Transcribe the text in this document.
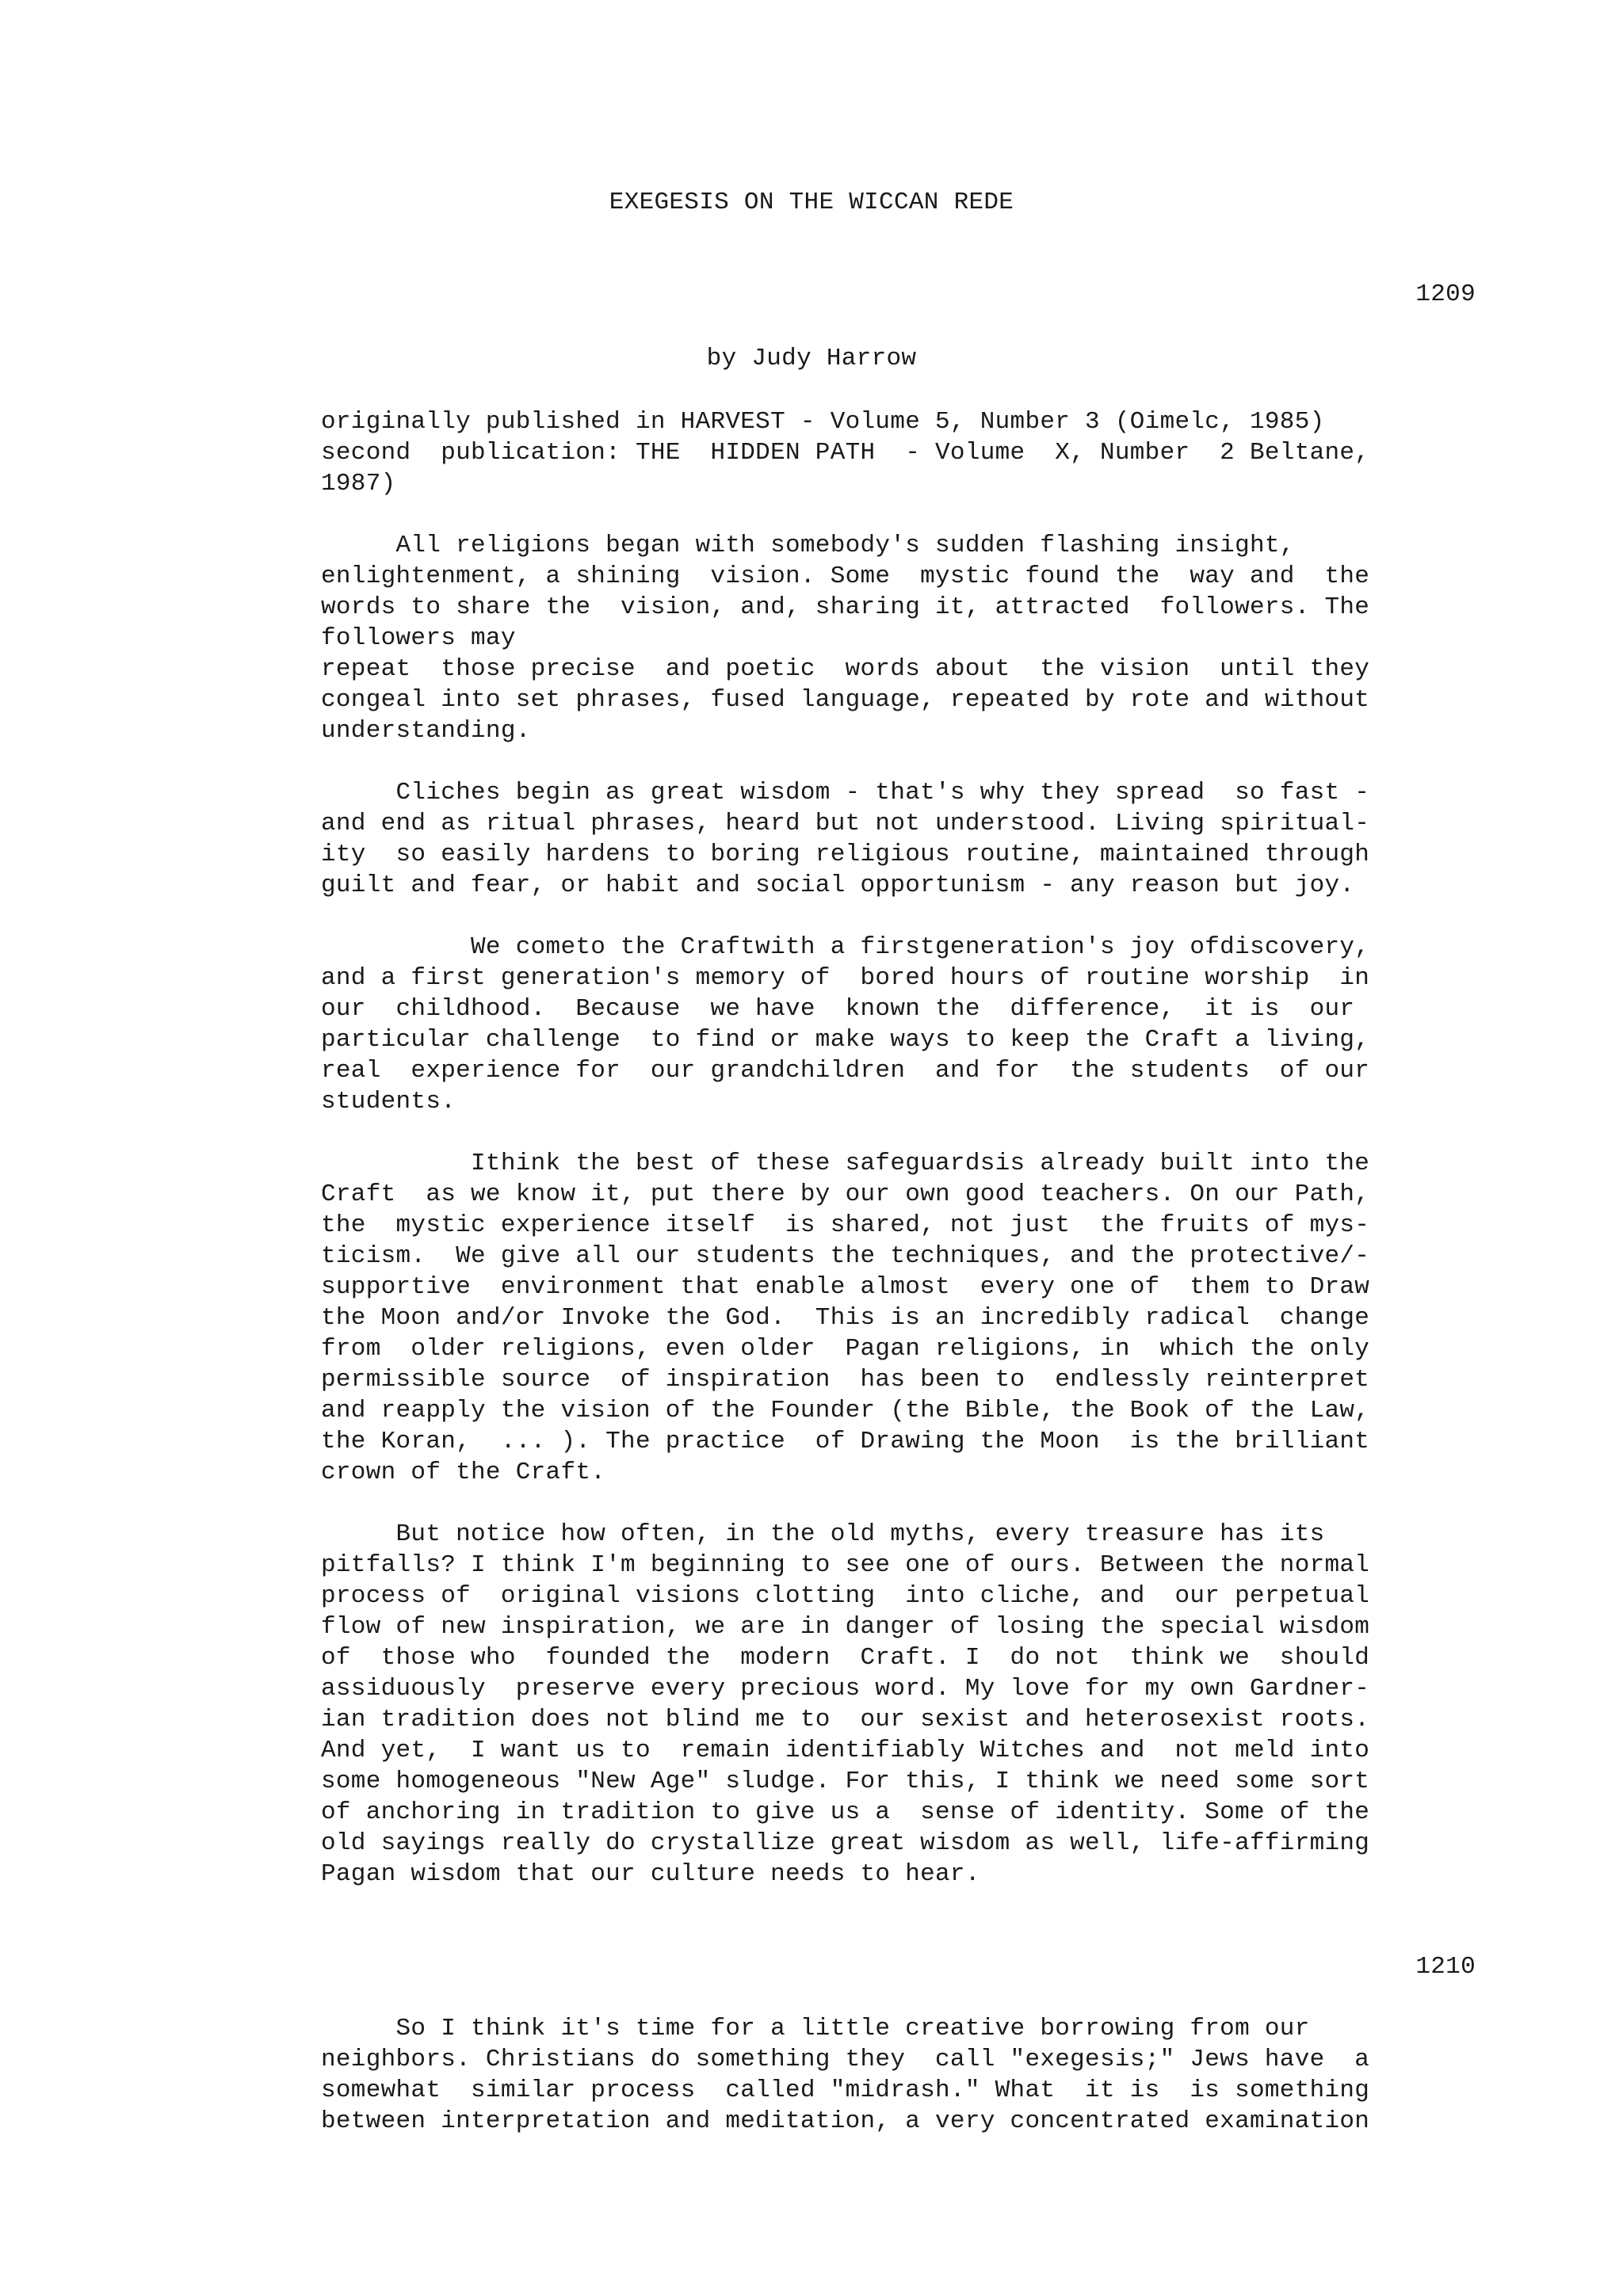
EXEGESIS ON THE WICCAN REDE
1209
by Judy Harrow
originally published in HARVEST - Volume 5, Number 3 (Oimelc, 1985)
second  publication: THE  HIDDEN PATH  - Volume  X, Number  2 Beltane,
1987)
All religions began with somebody's sudden flashing insight,
enlightenment, a shining  vision. Some  mystic found the  way and  the
words to share the  vision, and, sharing it, attracted  followers. The
followers may
repeat  those precise  and poetic  words about  the vision  until they
congeal into set phrases, fused language, repeated by rote and without
understanding.
Cliches begin as great wisdom - that's why they spread  so fast -
and end as ritual phrases, heard but not understood. Living spiritual-
ity  so easily hardens to boring religious routine, maintained through
guilt and fear, or habit and social opportunism - any reason but joy.
We cometo the Craftwith a firstgeneration's joy ofdiscovery,
and a first generation's memory of  bored hours of routine worship  in
our  childhood.  Because  we have  known the  difference,  it is  our
particular challenge  to find or make ways to keep the Craft a living,
real  experience for  our grandchildren  and for  the students  of our
students.
Ithink the best of these safeguardsis already built into the
Craft  as we know it, put there by our own good teachers. On our Path,
the  mystic experience itself  is shared, not just  the fruits of mys-
ticism.  We give all our students the techniques, and the protective/-
supportive  environment that enable almost  every one of  them to Draw
the Moon and/or Invoke the God.  This is an incredibly radical  change
from  older religions, even older  Pagan religions, in  which the only
permissible source  of inspiration  has been to  endlessly reinterpret
and reapply the vision of the Founder (the Bible, the Book of the Law,
the Koran,  ... ). The practice  of Drawing the Moon  is the brilliant
crown of the Craft.
But notice how often, in the old myths, every treasure has its
pitfalls? I think I'm beginning to see one of ours. Between the normal
process of  original visions clotting  into cliche, and  our perpetual
flow of new inspiration, we are in danger of losing the special wisdom
of  those who  founded the  modern  Craft. I  do not  think we  should
assiduously  preserve every precious word. My love for my own Gardner-
ian tradition does not blind me to  our sexist and heterosexist roots.
And yet,  I want us to  remain identifiably Witches and  not meld into
some homogeneous "New Age" sludge. For this, I think we need some sort
of anchoring in tradition to give us a  sense of identity. Some of the
old sayings really do crystallize great wisdom as well, life-affirming
Pagan wisdom that our culture needs to hear.
1210
So I think it's time for a little creative borrowing from our
neighbors. Christians do something they  call "exegesis;" Jews have  a
somewhat  similar process  called "midrash." What  it is  is something
between interpretation and meditation, a very concentrated examination
